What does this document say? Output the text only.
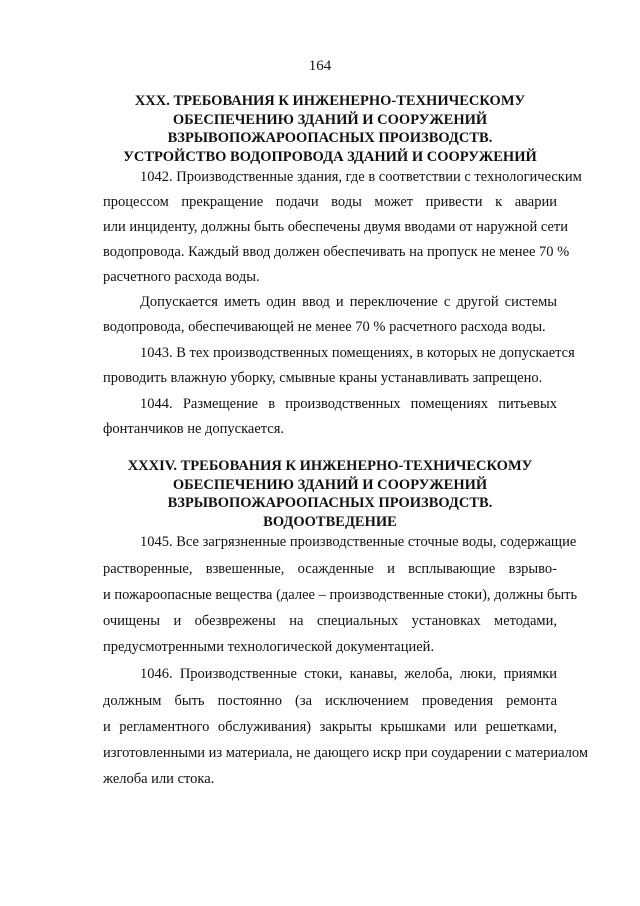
164
XXX. ТРЕБОВАНИЯ К ИНЖЕНЕРНО-ТЕХНИЧЕСКОМУ
ОБЕСПЕЧЕНИЮ ЗДАНИЙ И СООРУЖЕНИЙ
ВЗРЫВОПОЖАРООПАСНЫХ ПРОИЗВОДСТВ.
УСТРОЙСТВО ВОДОПРОВОДА ЗДАНИЙ И СООРУЖЕНИЙ
1042. Производственные здания, где в соответствии с технологическим
процессом прекращение подачи воды может привести к аварии
или инциденту, должны быть обеспечены двумя вводами от наружной сети
водопровода. Каждый ввод должен обеспечивать на пропуск не менее 70 %
расчетного расхода воды.
Допускается иметь один ввод и переключение с другой системы
водопровода, обеспечивающей не менее 70 % расчетного расхода воды.
1043. В тех производственных помещениях, в которых не допускается
проводить влажную уборку, смывные краны устанавливать запрещено.
1044. Размещение в производственных помещениях питьевых
фонтанчиков не допускается.
XXXIV. ТРЕБОВАНИЯ К ИНЖЕНЕРНО-ТЕХНИЧЕСКОМУ
ОБЕСПЕЧЕНИЮ ЗДАНИЙ И СООРУЖЕНИЙ
ВЗРЫВОПОЖАРООПАСНЫХ ПРОИЗВОДСТВ.
ВОДООТВЕДЕНИЕ
1045. Все загрязненные производственные сточные воды, содержащие
растворенные, взвешенные, осажденные и всплывающие взрыво-
и пожароопасные вещества (далее – производственные стоки), должны быть
очищены и обезврежены на специальных установках методами,
предусмотренными технологической документацией.
1046. Производственные стоки, канавы, желоба, люки, приямки
должным быть постоянно (за исключением проведения ремонта
и регламентного обслуживания) закрыты крышками или решетками,
изготовленными из материала, не дающего искр при соударении с материалом
желоба или стока.
